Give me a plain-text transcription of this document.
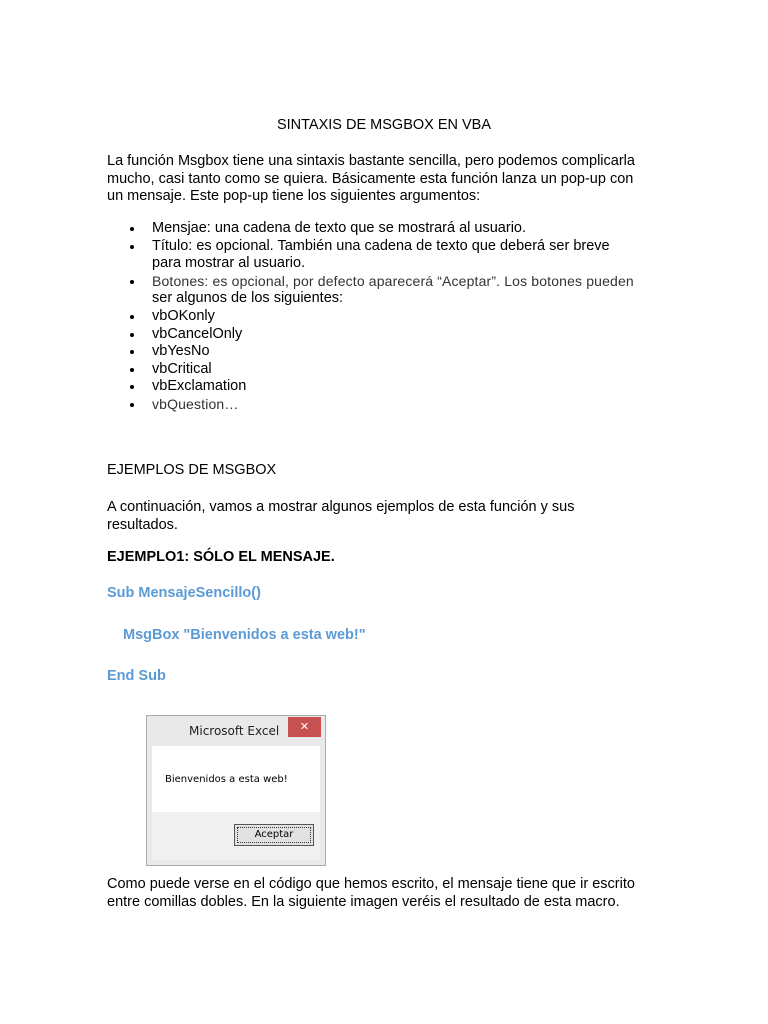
SINTAXIS DE MSGBOX EN VBA
La función Msgbox tiene una sintaxis bastante sencilla, pero podemos complicarla
mucho, casi tanto como se quiera. Básicamente esta función lanza un pop-up con
un mensaje. Este pop-up tiene los siguientes argumentos:
Mensjae: una cadena de texto que se mostrará al usuario.
Título: es opcional. También una cadena de texto que deberá ser breve
para mostrar al usuario.
Botones: es opcional, por defecto aparecerá “Aceptar”. Los botones pueden
ser algunos de los siguientes:
vbOKonly
vbCancelOnly
vbYesNo
vbCritical
vbExclamation
vbQuestion…
EJEMPLOS DE MSGBOX
A continuación, vamos a mostrar algunos ejemplos de esta función y sus
resultados.
EJEMPLO1: SÓLO EL MENSAJE.
Sub MensajeSencillo()
MsgBox "Bienvenidos a esta web!"
End Sub
Microsoft Excel	✕
Bienvenidos a esta web!
Aceptar
Como puede verse en el código que hemos escrito, el mensaje tiene que ir escrito
entre comillas dobles. En la siguiente imagen veréis el resultado de esta macro.
